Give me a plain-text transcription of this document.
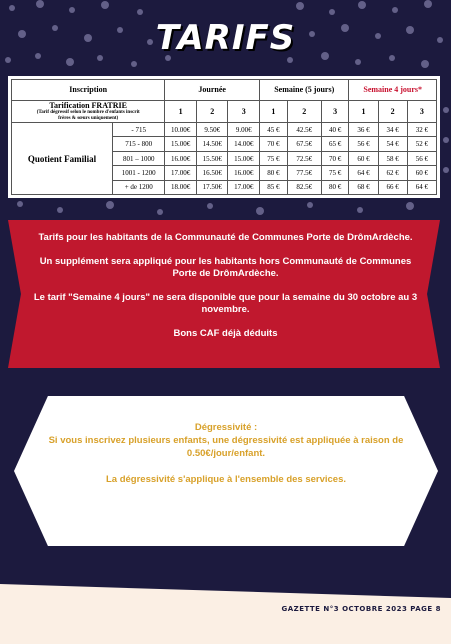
TARIFS
Inscription		Journée			Semaine (5 jours)			Semaine 4 jours*		

Tarification FRATRIE
(Tarif dégressif selon le nombre d'enfants inscrit
frères & sœurs uniquement)		1	2	3	1	2	3	1	2	3
Quotient Familial	- 715	10.00€	9.50€	9.00€	45 €	42.5€	40 €	36 €	34 €	32 €
	715 - 800	15.00€	14.50€	14.00€	70 €	67.5€	65 €	56 €	54 €	52 €
	801 – 1000	16.00€	15.50€	15.00€	75 €	72.5€	70 €	60 €	58 €	56 €
	1001 - 1200	17.00€	16.50€	16.00€	80 €	77.5€	75 €	64 €	62 €	60 €
	+ de 1200	18.00€	17.50€	17.00€	85 €	82.5€	80 €	68 €	66 €	64 €

Tarifs pour les habitants de la Communauté de Communes Porte de DrômArdèche.

Un supplément sera appliqué pour les habitants hors Communauté de Communes Porte de DrômArdèche.

Le tarif "Semaine 4 jours" ne sera disponible que pour la semaine du 30 octobre au 3 novembre.

Bons CAF déjà déduits

Dégressivité :

Si vous inscrivez plusieurs enfants, une dégressivité est appliquée à raison de 0.50€/jour/enfant.

La dégressivité s'applique à l'ensemble des services.

GAZETTE N°3 OCTOBRE 2023 PAGE 8
